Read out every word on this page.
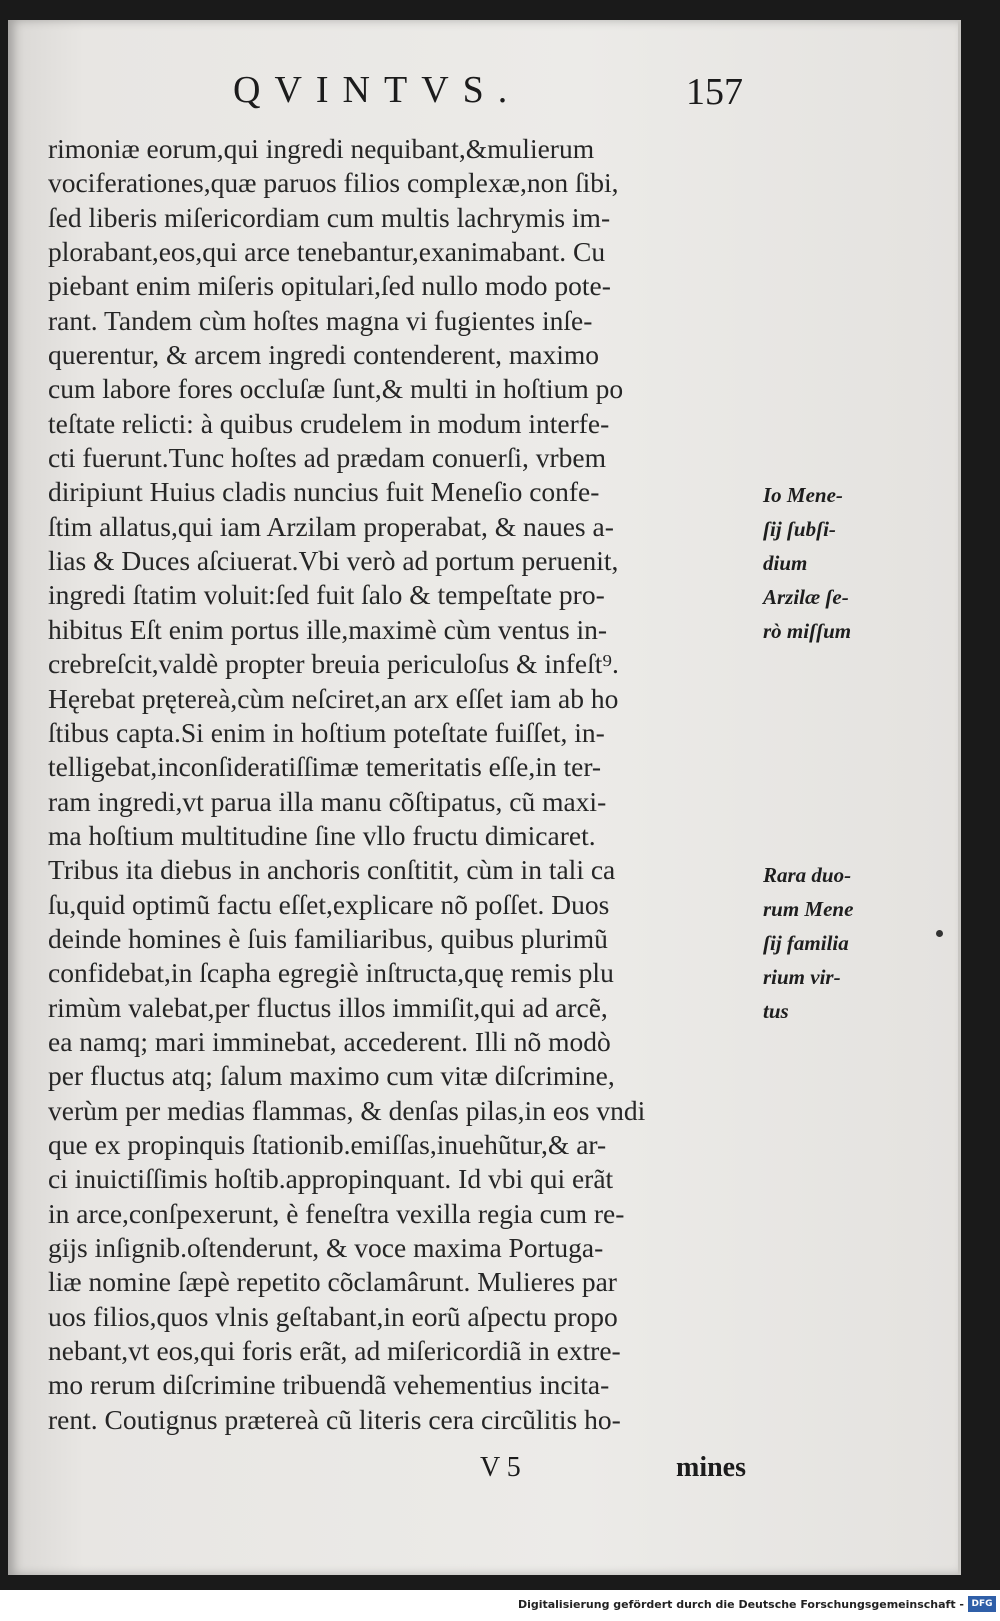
QVINTVS.	157
rimoniæ eorum,qui ingredi nequibant,&mulierum
vociferationes,quæ paruos filios complexæ,non ſibi,
ſed liberis miſericordiam cum multis lachrymis im-
plorabant,eos,qui arce tenebantur,exanimabant. Cu
piebant enim miſeris opitulari,ſed nullo modo pote-
rant. Tandem cùm hoſtes magna vi fugientes inſe-
querentur, & arcem ingredi contenderent, maximo
cum labore fores occluſæ ſunt,& multi in hoſtium po
teſtate relicti: à quibus crudelem in modum interfe-
cti fuerunt.Tunc hoſtes ad prædam conuerſi, vrbem
diripiunt Huius cladis nuncius fuit Meneſio confe-
ſtim allatus,qui iam Arzilam properabat, & naues a-
lias & Duces aſciuerat.Vbi verò ad portum peruenit,
ingredi ſtatim voluit:ſed fuit ſalo & tempeſtate pro-
hibitus Eſt enim portus ille,maximè cùm ventus in-
crebreſcit,valdè propter breuia periculoſus & infeſt⁹.
Hęrebat prętereà,cùm neſciret,an arx eſſet iam ab ho
ſtibus capta.Si enim in hoſtium poteſtate fuiſſet, in-
telligebat,inconſideratiſſimæ temeritatis eſſe,in ter-
ram ingredi,vt parua illa manu cõſtipatus, cũ maxi-
ma hoſtium multitudine ſine vllo fructu dimicaret.
Tribus ita diebus in anchoris conſtitit, cùm in tali ca
ſu,quid optimũ factu eſſet,explicare nõ poſſet. Duos
deinde homines è ſuis familiaribus, quibus plurimũ
confidebat,in ſcapha egregiè inſtructa,quę remis plu
rimùm valebat,per fluctus illos immiſit,qui ad arcẽ,
ea namq; mari imminebat, accederent. Illi nõ modò
per fluctus atq; ſalum maximo cum vitæ diſcrimine,
verùm per medias flammas, & denſas pilas,in eos vndi
que ex propinquis ſtationib.emiſſas,inuehũtur,& ar-
ci inuictiſſimis hoſtib.appropinquant. Id vbi qui erãt
in arce,conſpexerunt, è feneſtra vexilla regia cum re-
gijs inſignib.oſtenderunt, & voce maxima Portuga-
liæ nomine ſæpè repetito cõclamârunt. Mulieres par
uos filios,quos vlnis geſtabant,in eorũ aſpectu propo
nebant,vt eos,qui foris erãt, ad miſericordiã in extre-
mo rerum diſcrimine tribuendã vehementius incita-
rent. Coutignus prætereà cũ literis cera circũlitis ho-
Io Mene-
ſij ſubſi-
dium
Arzilæ ſe-
rò miſſum
Rara duo-
rum Mene
ſij familia
rium vir-
tus
V 5	mines
Digitalisierung gefördert durch die Deutsche Forschungsgemeinschaft - DFG
